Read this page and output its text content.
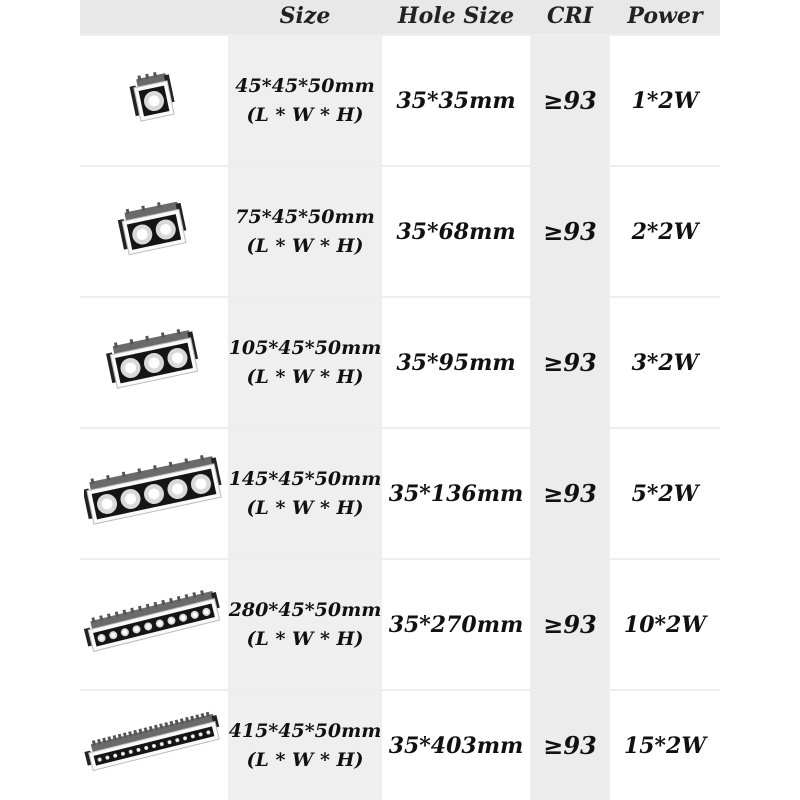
Size	Hole Size	CRI	Power
45*45*50mm
(L * W * H)
35*35mm	≥93	1*2W
75*45*50mm
(L * W * H)
35*68mm	≥93	2*2W
105*45*50mm
(L * W * H)
35*95mm	≥93	3*2W
145*45*50mm
(L * W * H)
35*136mm ≥93	5*2W
280*45*50mm
(L * W * H)
35*270mm ≥93	10*2W
415*45*50mm
(L * W * H)
35*403mm ≥93	15*2W
